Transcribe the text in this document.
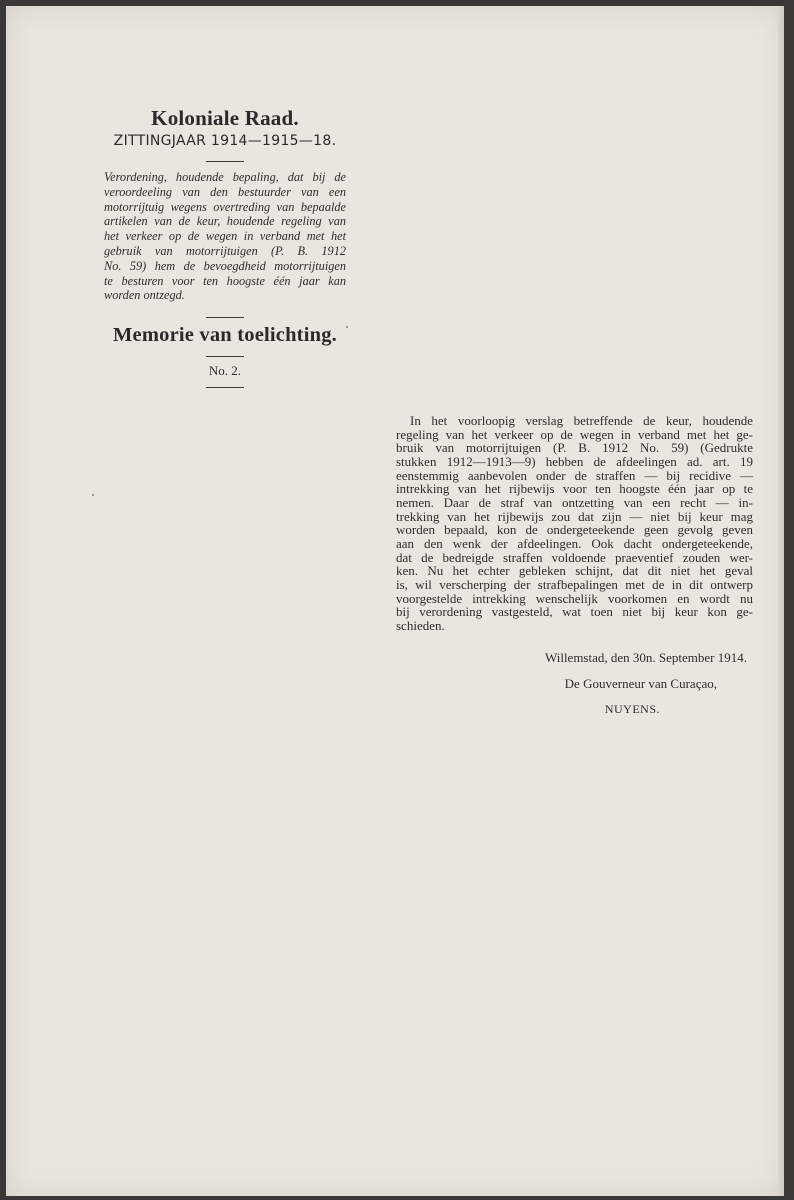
Koloniale Raad.
ZITTINGJAAR 1914—1915—18.
Verordening, houdende bepaling, dat bij de
veroordeeling van den bestuurder van een
motorrijtuig wegens overtreding van bepaalde
artikelen van de keur, houdende regeling van
het verkeer op de wegen in verband met het
gebruik van motorrijtuigen (P. B. 1912
No. 59) hem de bevoegdheid motorrijtuigen
te besturen voor ten hoogste één jaar kan
worden ontzegd.
Memorie van toelichting.
No. 2.
In het voorloopig verslag betreffende de keur, houdende
regeling van het verkeer op de wegen in verband met het ge-
bruik van motorrijtuigen (P. B. 1912 No. 59) (Gedrukte
stukken 1912—1913—9) hebben de afdeelingen ad. art. 19
eenstemmig aanbevolen onder de straffen — bij recidive —
intrekking van het rijbewijs voor ten hoogste één jaar op te
nemen. Daar de straf van ontzetting van een recht — in-
trekking van het rijbewijs zou dat zijn — niet bij keur mag
worden bepaald, kon de ondergeteekende geen gevolg geven
aan den wenk der afdeelingen. Ook dacht ondergeteekende,
dat de bedreigde straffen voldoende praeventief zouden wer-
ken. Nu het echter gebleken schijnt, dat dit niet het geval
is, wil verscherping der strafbepalingen met de in dit ontwerp
voorgestelde intrekking wenschelijk voorkomen en wordt nu
bij verordening vastgesteld, wat toen niet bij keur kon ge-
schieden.
Willemstad, den 30n. September 1914.
De Gouverneur van Curaçao,
NUYENS.
